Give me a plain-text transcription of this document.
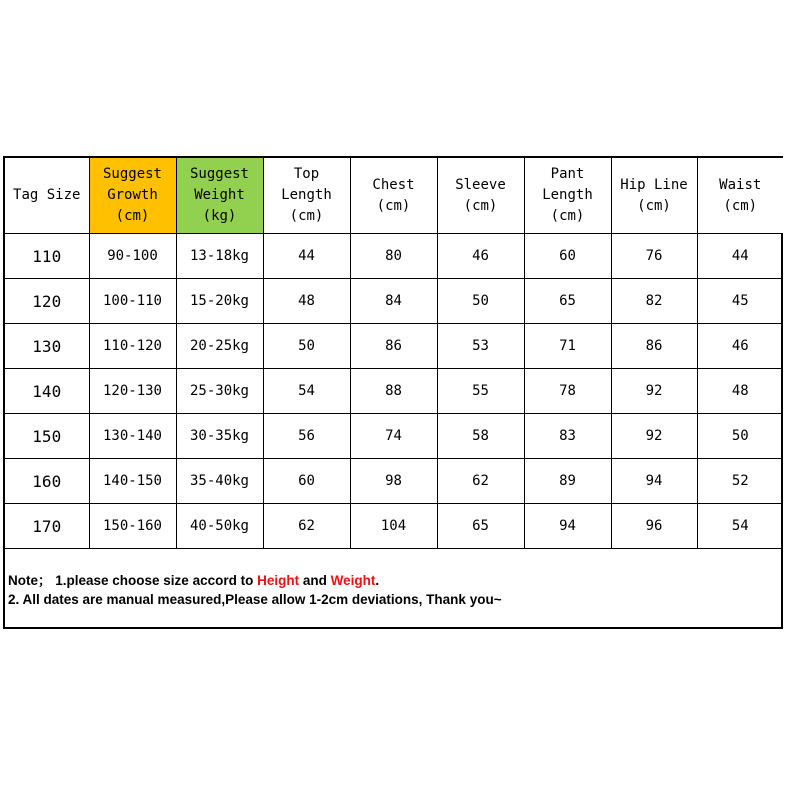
Tag Size	Suggest
Growth
(cm)	Suggest
Weight
(kg)	Top
Length
(cm)	Chest
(cm)	Sleeve
(cm)	Pant
Length
(cm)	Hip Line
(cm)	Waist
(cm)

110	90-100	13-18kg	44	80	46	60	76	44
120	100-110	15-20kg	48	84	50	65	82	45
130	110-120	20-25kg	50	86	53	71	86	46
140	120-130	25-30kg	54	88	55	78	92	48
150	130-140	30-35kg	56	74	58	83	92	50
160	140-150	35-40kg	60	98	62	89	94	52
170	150-160	40-50kg	62	104	65	94	96	54
Note； 1.please choose size accord to Height and Weight.
2. All dates are manual measured,Please allow 1-2cm deviations, Thank you~
